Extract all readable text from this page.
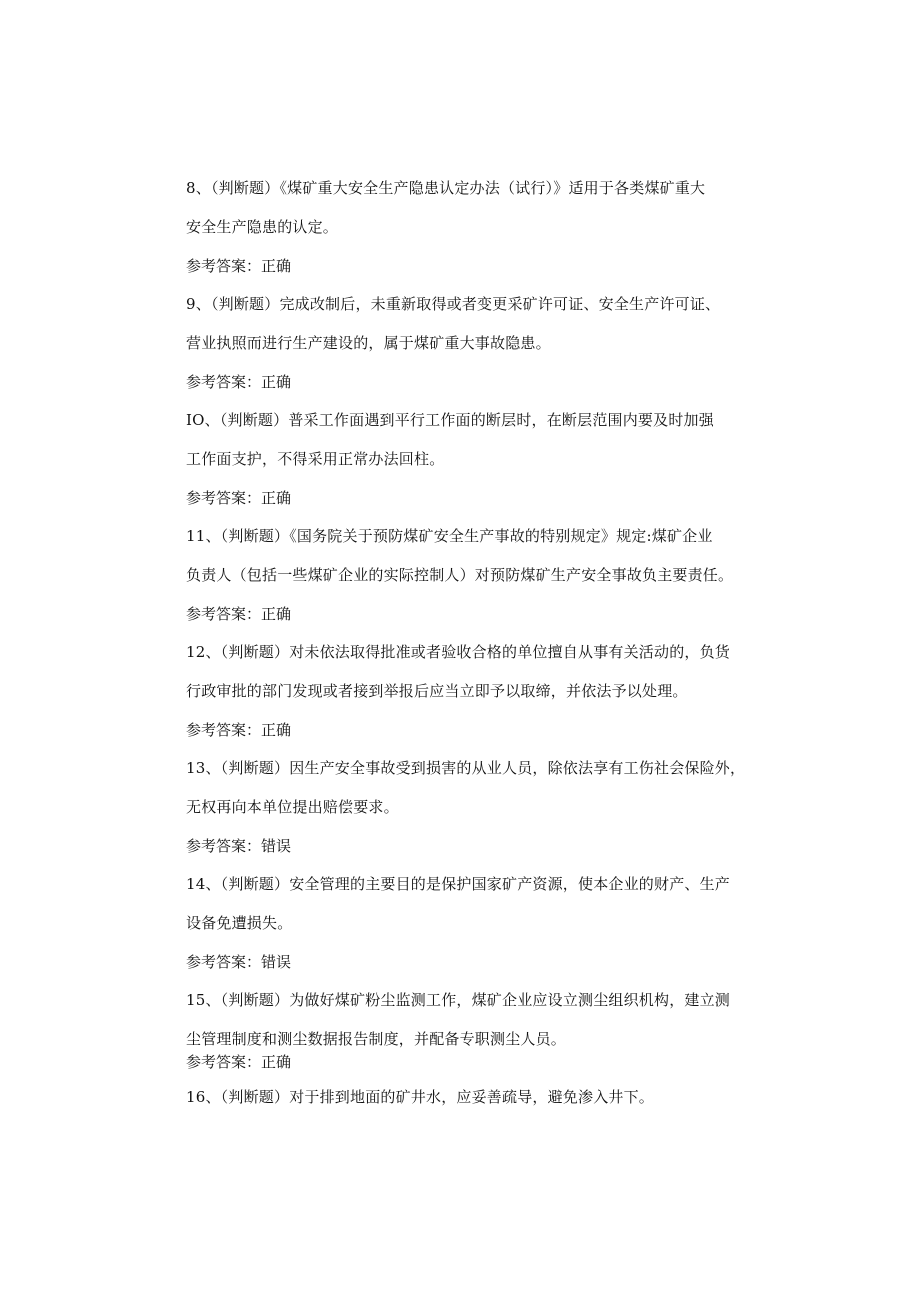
8、（判断题）《煤矿重大安全生产隐患认定办法（试行）》适用于各类煤矿重大
安全生产隐患的认定。
参考答案：正确
9、（判断题）完成改制后，未重新取得或者变更采矿许可证、安全生产许可证、
营业执照而进行生产建设的，属于煤矿重大事故隐患。
参考答案：正确
IO、（判断题）普采工作面遇到平行工作面的断层时，在断层范围内要及时加强
工作面支护，不得采用正常办法回柱。
参考答案：正确
11、（判断题）《国务院关于预防煤矿安全生产事故的特别规定》规定:煤矿企业
负责人（包括一些煤矿企业的实际控制人）对预防煤矿生产安全事故负主要责任。
参考答案：正确
12、（判断题）对未依法取得批准或者验收合格的单位擅自从事有关活动的，负货
行政审批的部门发现或者接到举报后应当立即予以取缔，并依法予以处理。
参考答案：正确
13、（判断题）因生产安全事故受到损害的从业人员，除依法享有工伤社会保险外，
无权再向本单位提出赔偿要求。
参考答案：错误
14、（判断题）安全管理的主要目的是保护国家矿产资源，使本企业的财产、生产
设备免遭损失。
参考答案：错误
15、（判断题）为做好煤矿粉尘监测工作，煤矿企业应设立测尘组织机构，建立测
尘管理制度和测尘数据报告制度，并配备专职测尘人员。
参考答案：正确
16、（判断题）对于排到地面的矿井水，应妥善疏导，避免渗入井下。
